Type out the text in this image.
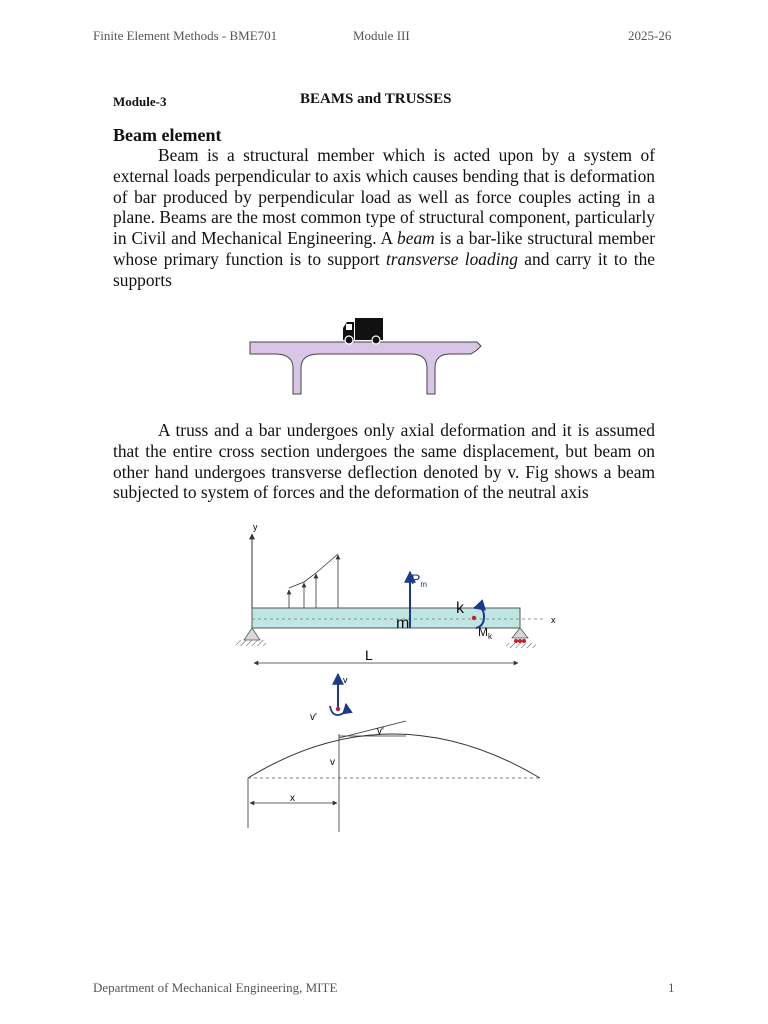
Finite Element Methods - BME701	Module III	2025-26
Module-3	BEAMS and TRUSSES
Beam element

Beam is a structural member which is acted upon by a system of external loads perpendicular to axis which causes bending that is deformation of bar produced by perpendicular load as well as force couples acting in a plane. Beams are the most common type of structural component, particularly in Civil and Mechanical Engineering. A beam is a bar-like structural member whose primary function is to support transverse loading and carry it to the supports

A truss and a bar undergoes only axial deformation and it is assumed that the entire cross section undergoes the same displacement, but beam on other hand undergoes transverse deflection denoted by v. Fig shows a beam subjected to system of forces and the deformation of the neutral axis

y
x
$P_m$
m
k
$M_k$
L
v
v'
v'
v
x
Department of Mechanical Engineering, MITE	1
